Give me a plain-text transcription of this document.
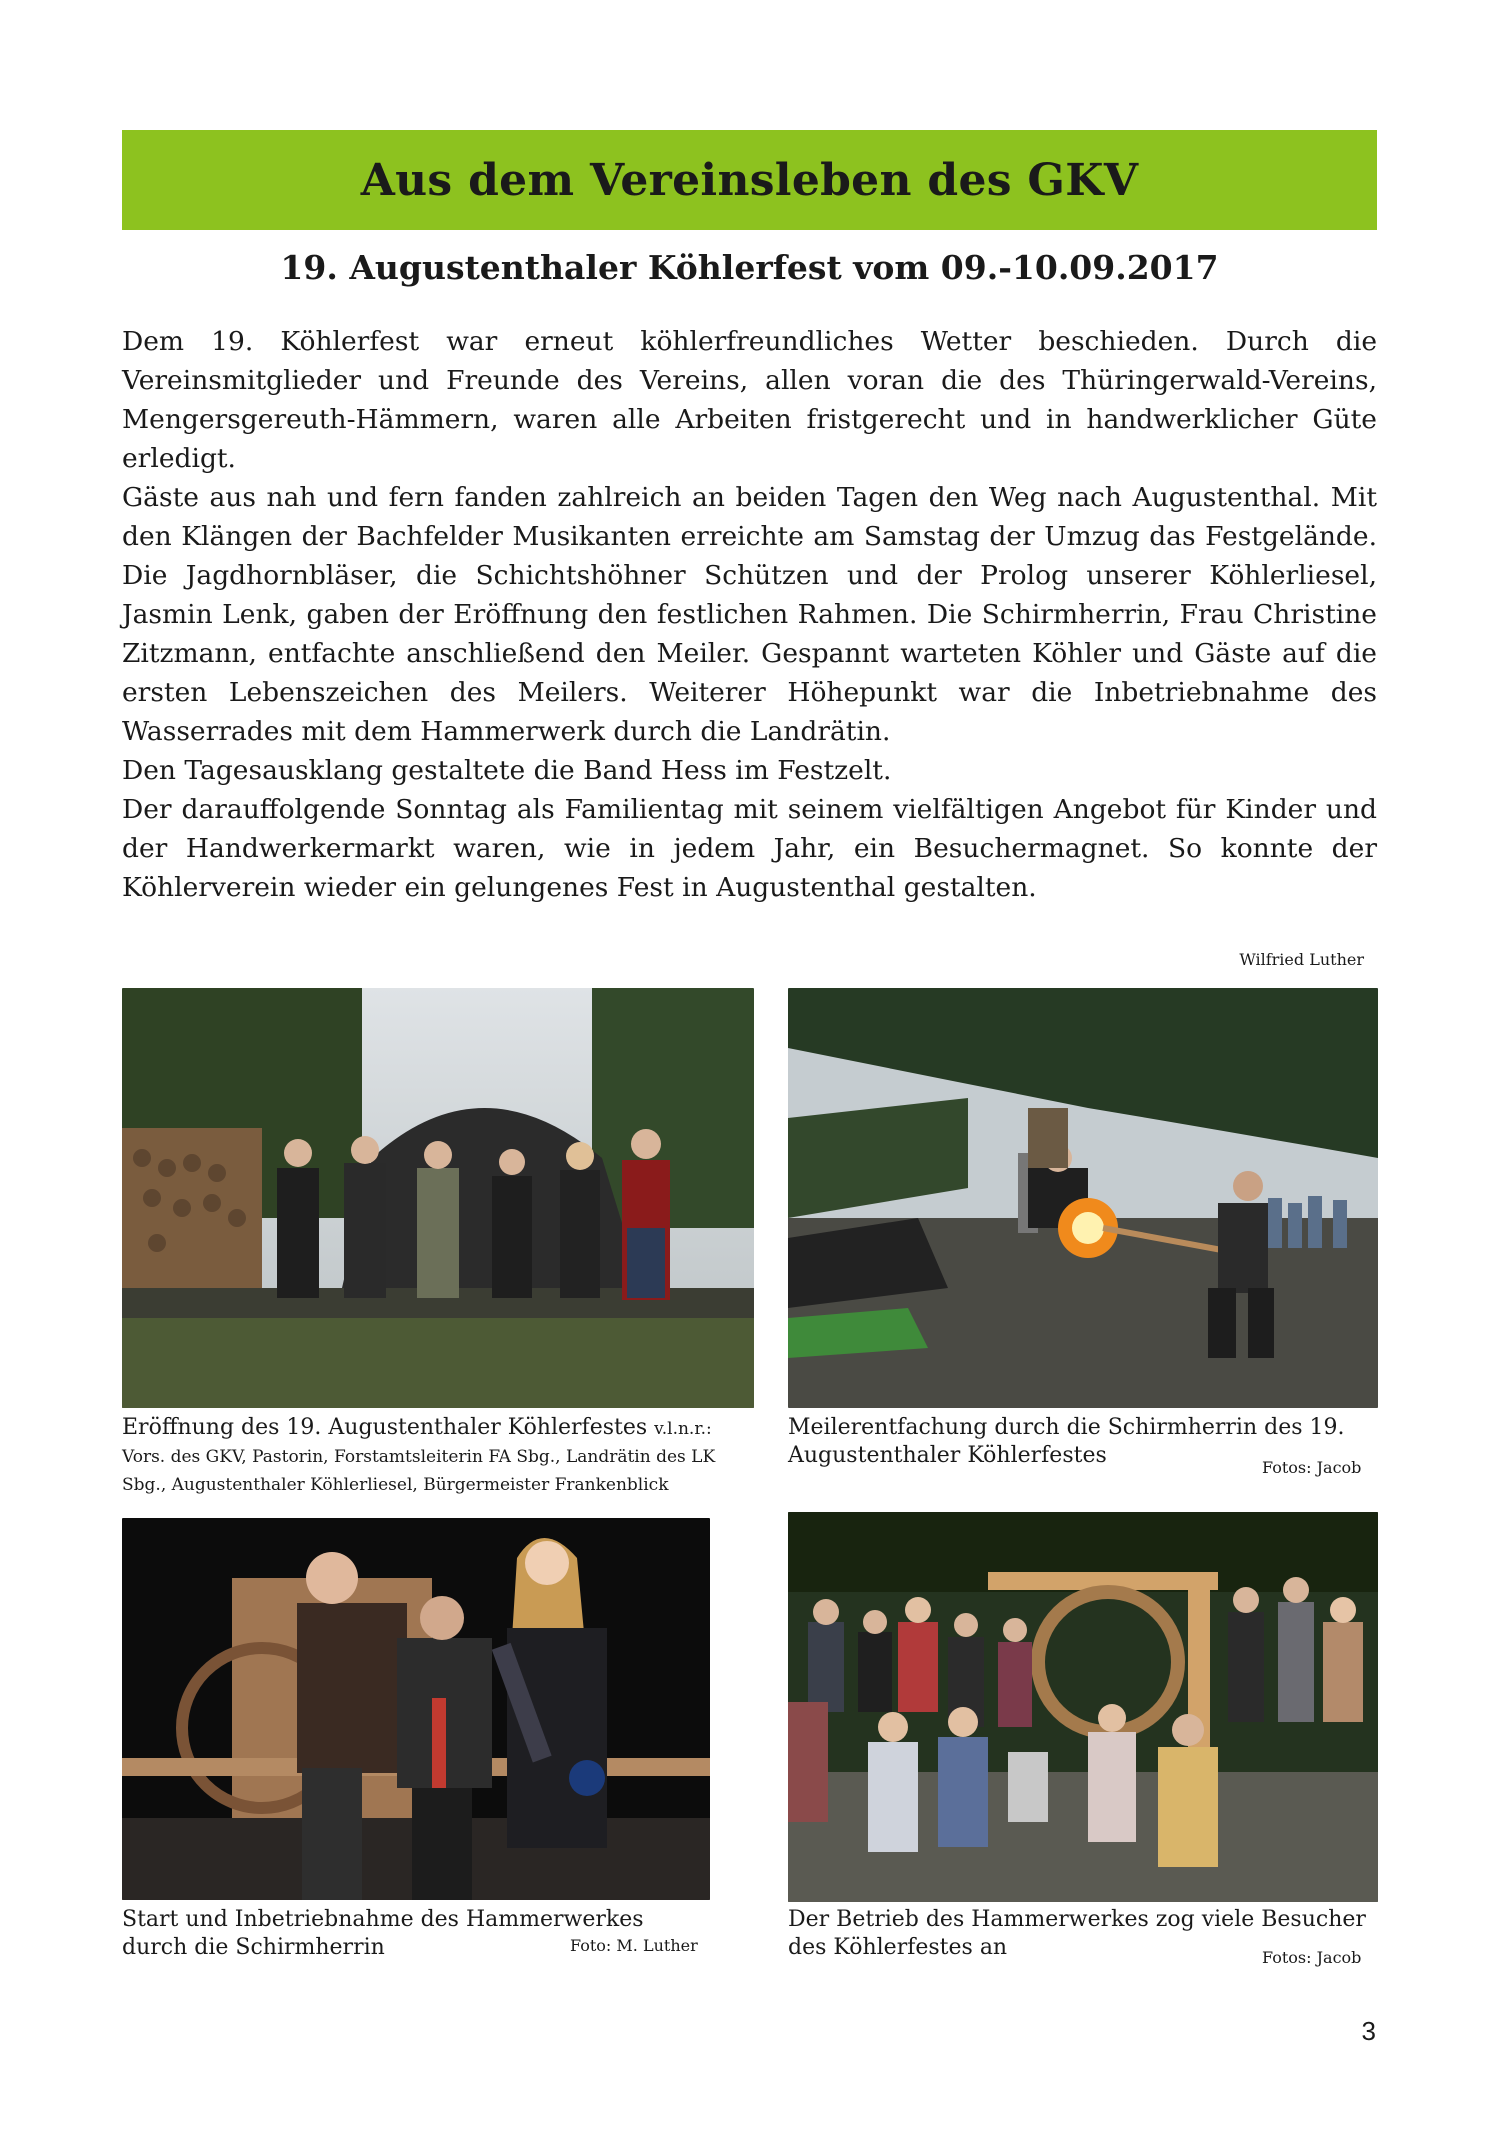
Aus dem Vereinsleben des GKV
19. Augustenthaler Köhlerfest vom 09.-10.09.2017

Dem 19. Köhlerfest war erneut köhlerfreundliches Wetter beschieden. Durch die Vereinsmitglieder und Freunde des Vereins, allen voran die des Thüringerwald-Vereins, Mengersgereuth-Hämmern, waren alle Arbeiten fristgerecht und in handwerklicher Güte erledigt.

Gäste aus nah und fern fanden zahlreich an beiden Tagen den Weg nach Augustenthal. Mit den Klängen der Bachfelder Musikanten erreichte am Samstag der Umzug das Festgelände. Die Jagdhornbläser, die Schichtshöhner Schützen und der Prolog unserer Köhlerliesel, Jasmin Lenk, gaben der Eröffnung den festlichen Rahmen. Die Schirmherrin, Frau Christine Zitzmann, entfachte anschließend den Meiler. Gespannt warteten Köhler und Gäste auf die ersten Lebenszeichen des Meilers. Weiterer Höhepunkt war die Inbetriebnahme des Wasserrades mit dem Hammerwerk durch die Landrätin.

Den Tagesausklang gestaltete die Band Hess im Festzelt.

Der darauffolgende Sonntag als Familientag mit seinem vielfältigen Angebot für Kinder und der Handwerkermarkt waren, wie in jedem Jahr, ein Besuchermagnet. So konnte der Köhlerverein wieder ein gelungenes Fest in Augustenthal gestalten.

Wilfried Luther
Eröffnung des 19. Augustenthaler Köhlerfestes v.l.n.r.:
Vors. des GKV, Pastorin, Forstamtsleiterin FA Sbg., Landrätin des LK Sbg., Augustenthaler Köhlerliesel, Bürgermeister Frankenblick
Meilerentfachung durch die Schirmherrin des 19. Augustenthaler Köhlerfestes	Fotos: Jacob
Start und Inbetriebnahme des Hammerwerkes durch die Schirmherrin	Foto: M. Luther
Der Betrieb des Hammerwerkes zog viele Besucher des Köhlerfestes an	Fotos: Jacob
3
